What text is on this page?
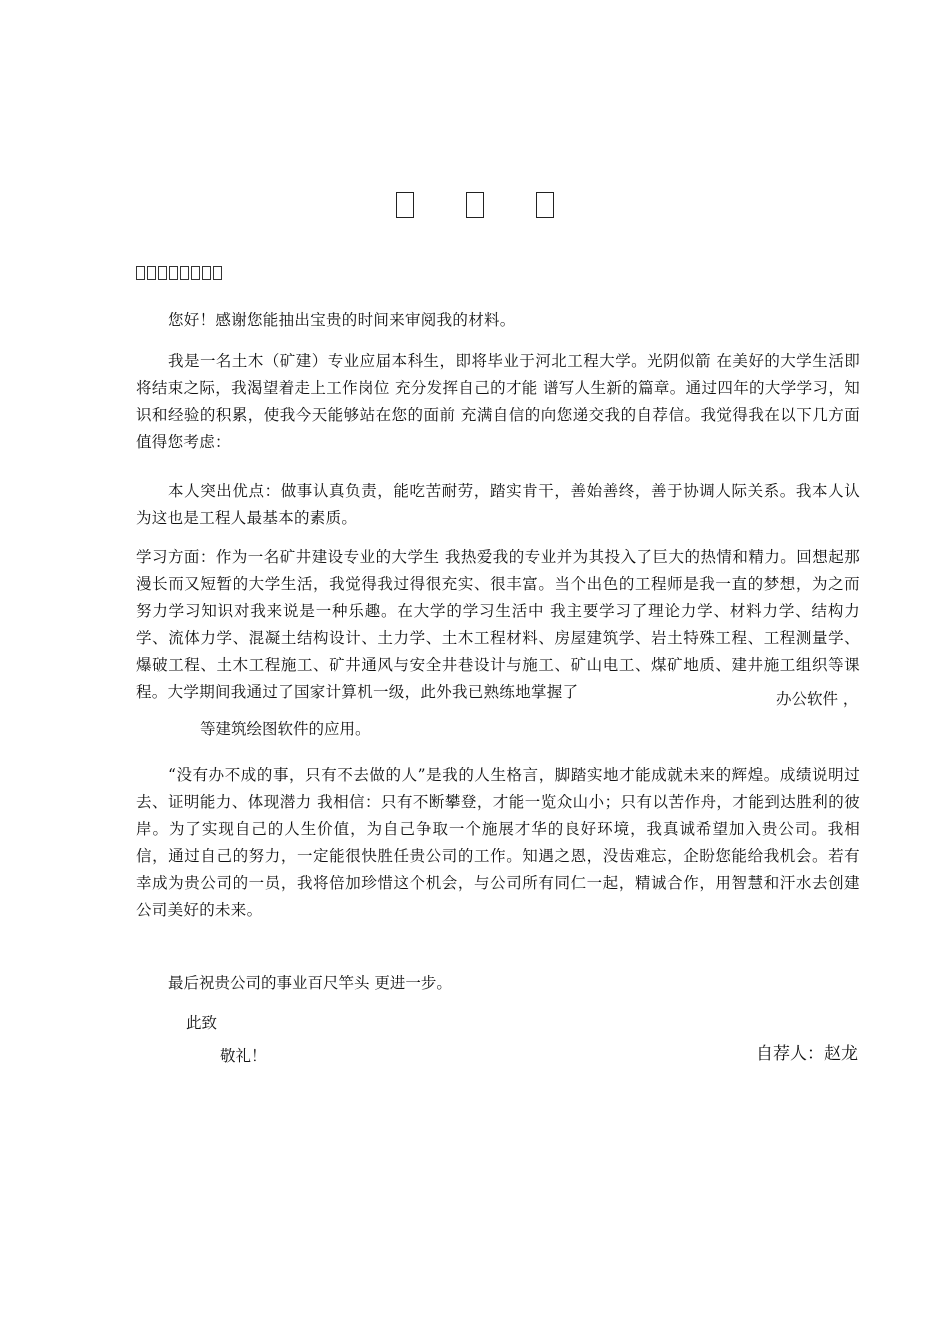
您好！感谢您能抽出宝贵的时间来审阅我的材料。

我是一名土木（矿建）专业应届本科生，即将毕业于河北工程大学。光阴似箭 在美好的大学生活即将结束之际，我渴望着走上工作岗位 充分发挥自己的才能 谱写人生新的篇章。通过四年的大学学习，知识和经验的积累，使我今天能够站在您的面前 充满自信的向您递交我的自荐信。我觉得我在以下几方面值得您考虑：

本人突出优点：做事认真负责，能吃苦耐劳，踏实肯干，善始善终，善于协调人际关系。我本人认为这也是工程人最基本的素质。

学习方面：作为一名矿井建设专业的大学生 我热爱我的专业并为其投入了巨大的热情和精力。回想起那漫长而又短暂的大学生活，我觉得我过得很充实、很丰富。当个出色的工程师是我一直的梦想，为之而努力学习知识对我来说是一种乐趣。在大学的学习生活中 我主要学习了理论力学、材料力学、结构力学、流体力学、混凝土结构设计、土力学、土木工程材料、房屋建筑学、岩土特殊工程、工程测量学、爆破工程、土木工程施工、矿井通风与安全井巷设计与施工、矿山电工、煤矿地质、建井施工组织等课程。大学期间我通过了国家计算机一级，此外我已熟练地掌握了	办公软件 ，
等建筑绘图软件的应用。

“没有办不成的事，只有不去做的人”是我的人生格言，脚踏实地才能成就未来的辉煌。成绩说明过去、证明能力、体现潜力 我相信：只有不断攀登，才能一览众山小；只有以苦作舟，才能到达胜利的彼岸。为了实现自己的人生价值，为自己争取一个施展才华的良好环境，我真诚希望加入贵公司。我相信，通过自己的努力，一定能很快胜任贵公司的工作。知遇之恩，没齿难忘，企盼您能给我机会。若有幸成为贵公司的一员，我将倍加珍惜这个机会，与公司所有同仁一起，精诚合作，用智慧和汗水去创建公司美好的未来。

最后祝贵公司的事业百尺竿头 更进一步。
此致
敬礼！	自荐人：赵龙
